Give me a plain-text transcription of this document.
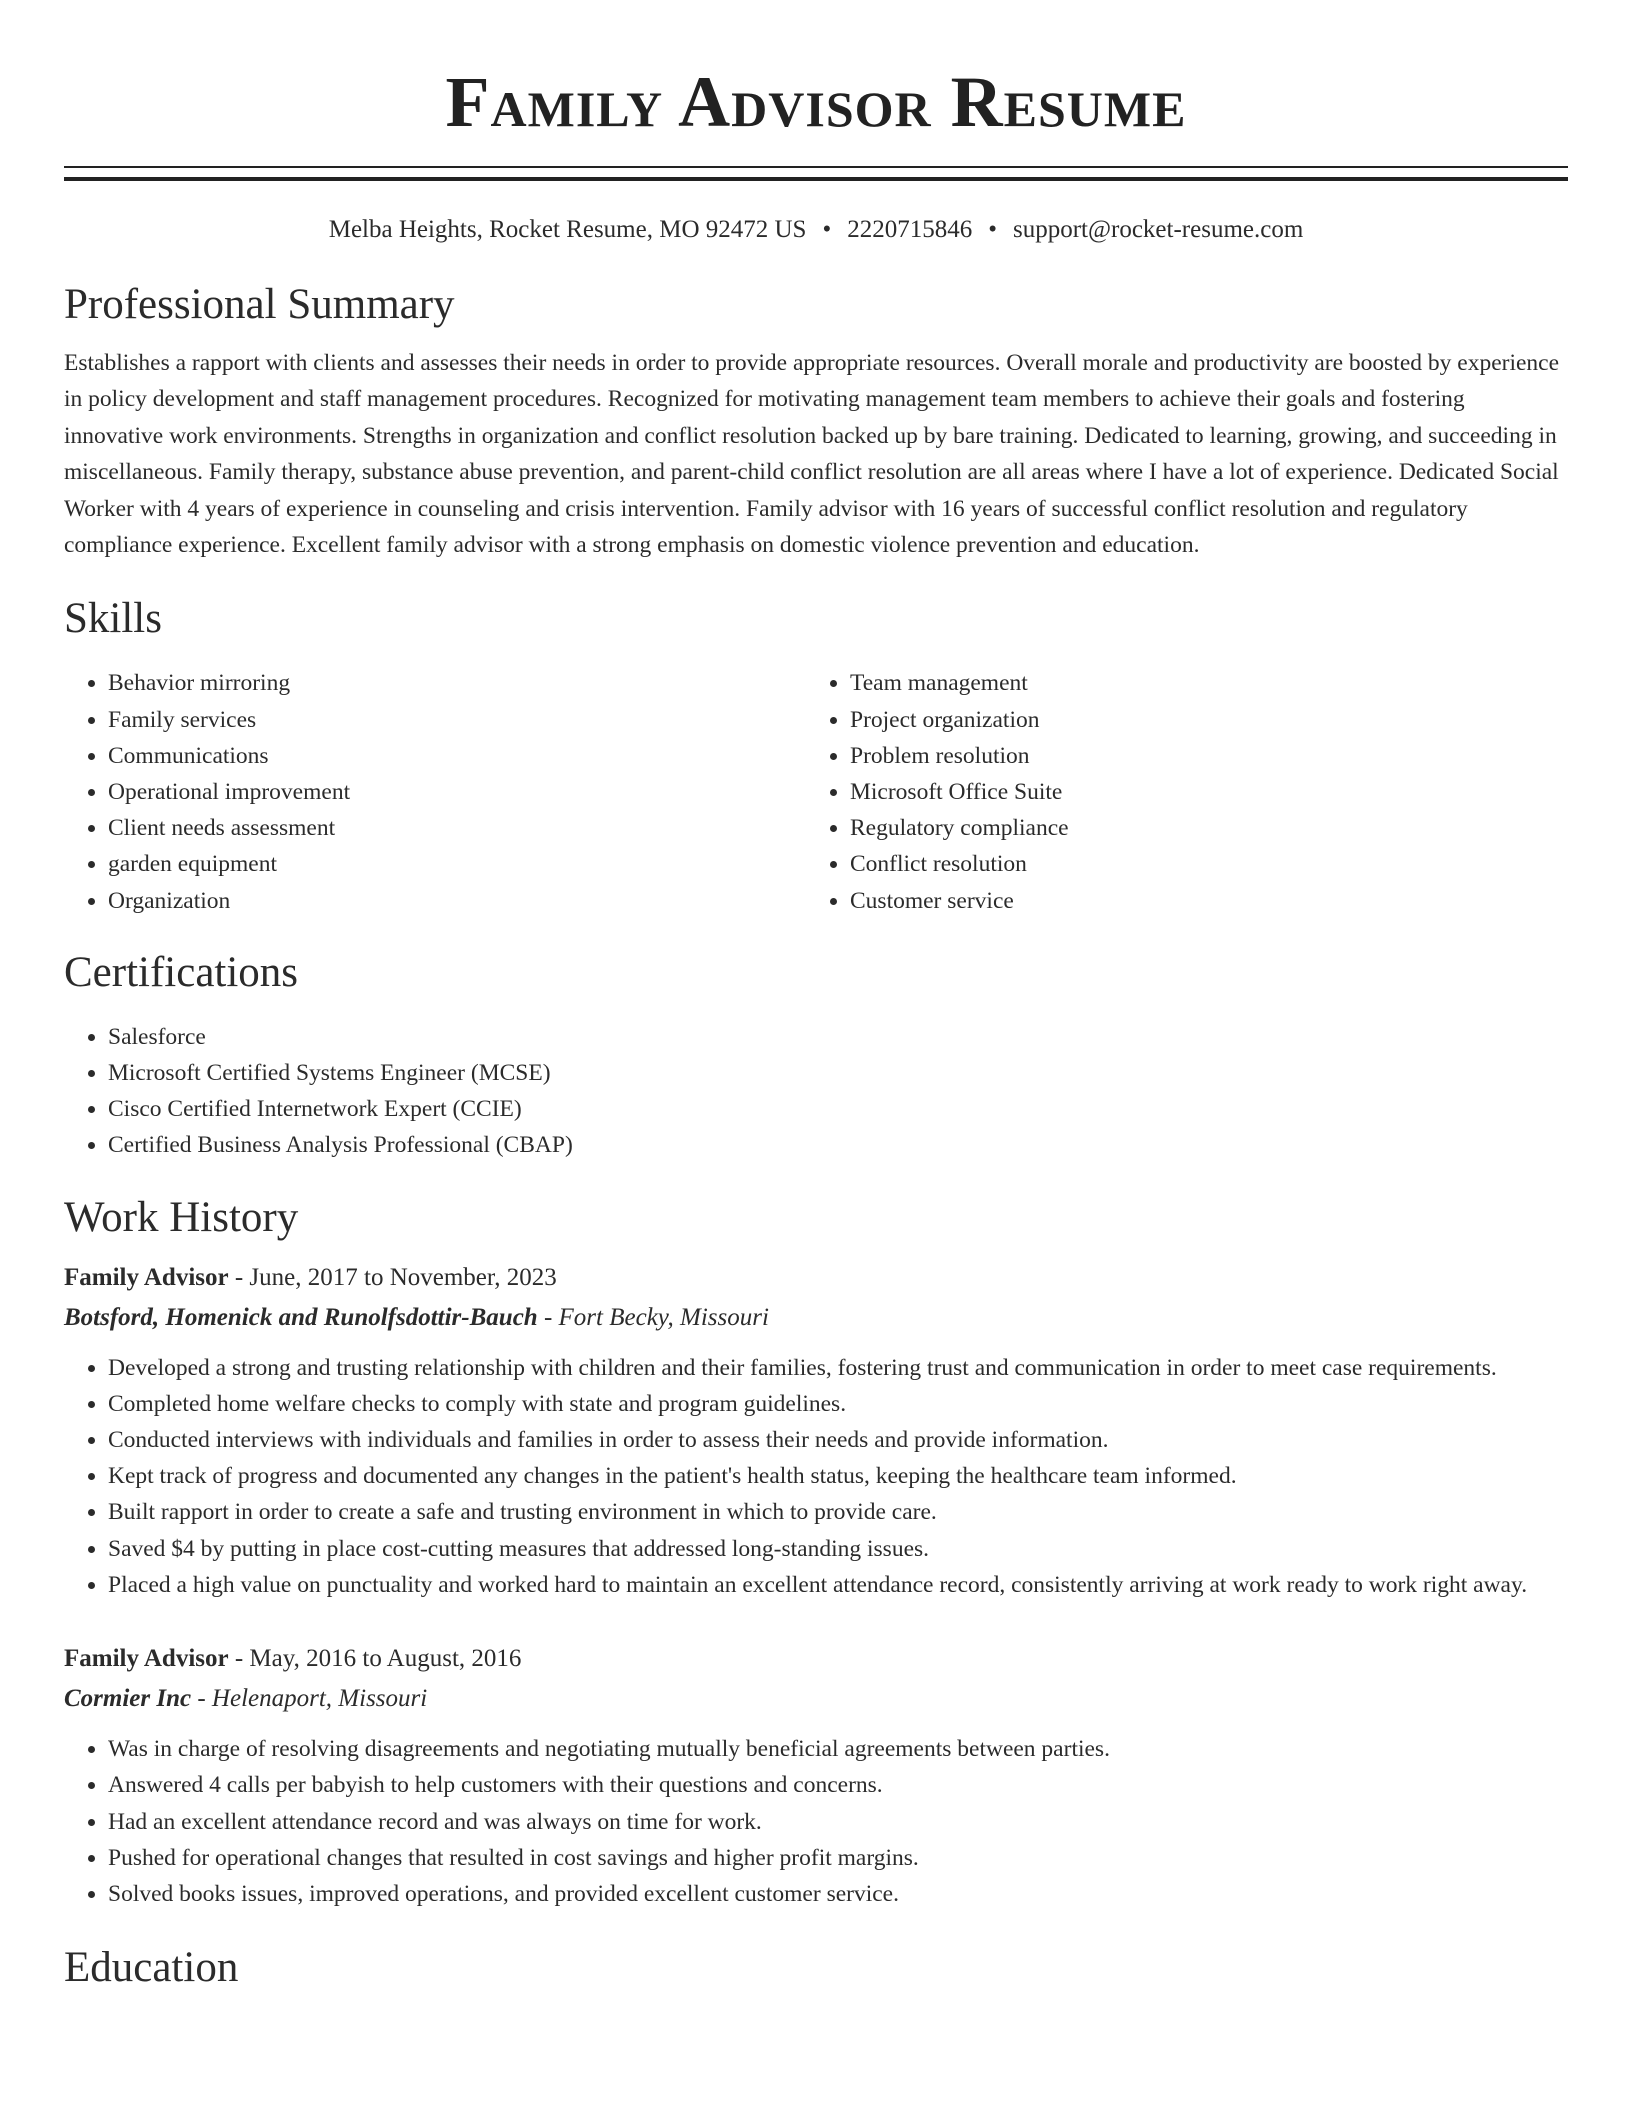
Family Advisor Resume
Melba Heights, Rocket Resume, MO 92472 US • 2220715846 • support@rocket-resume.com
Professional Summary
Establishes a rapport with clients and assesses their needs in order to provide appropriate resources. Overall morale and productivity are boosted by experience in policy development and staff management procedures. Recognized for motivating management team members to achieve their goals and fostering innovative work environments. Strengths in organization and conflict resolution backed up by bare training. Dedicated to learning, growing, and succeeding in miscellaneous. Family therapy, substance abuse prevention, and parent-child conflict resolution are all areas where I have a lot of experience. Dedicated Social Worker with 4 years of experience in counseling and crisis intervention. Family advisor with 16 years of successful conflict resolution and regulatory compliance experience. Excellent family advisor with a strong emphasis on domestic violence prevention and education.
Skills
• Behavior mirroring
• Family services
• Communications
• Operational improvement
• Client needs assessment
• garden equipment
• Organization
• Team management
• Project organization
• Problem resolution
• Microsoft Office Suite
• Regulatory compliance
• Conflict resolution
• Customer service
Certifications
• Salesforce
• Microsoft Certified Systems Engineer (MCSE)
• Cisco Certified Internetwork Expert (CCIE)
• Certified Business Analysis Professional (CBAP)
Work History
Family Advisor - June, 2017 to November, 2023
Botsford, Homenick and Runolfsdottir-Bauch - Fort Becky, Missouri
• Developed a strong and trusting relationship with children and their families, fostering trust and communication in order to meet case requirements.
• Completed home welfare checks to comply with state and program guidelines.
• Conducted interviews with individuals and families in order to assess their needs and provide information.
• Kept track of progress and documented any changes in the patient's health status, keeping the healthcare team informed.
• Built rapport in order to create a safe and trusting environment in which to provide care.
• Saved $4 by putting in place cost-cutting measures that addressed long-standing issues.
• Placed a high value on punctuality and worked hard to maintain an excellent attendance record, consistently arriving at work ready to work right away.
Family Advisor - May, 2016 to August, 2016
Cormier Inc - Helenaport, Missouri
• Was in charge of resolving disagreements and negotiating mutually beneficial agreements between parties.
• Answered 4 calls per babyish to help customers with their questions and concerns.
• Had an excellent attendance record and was always on time for work.
• Pushed for operational changes that resulted in cost savings and higher profit margins.
• Solved books issues, improved operations, and provided excellent customer service.
Education
